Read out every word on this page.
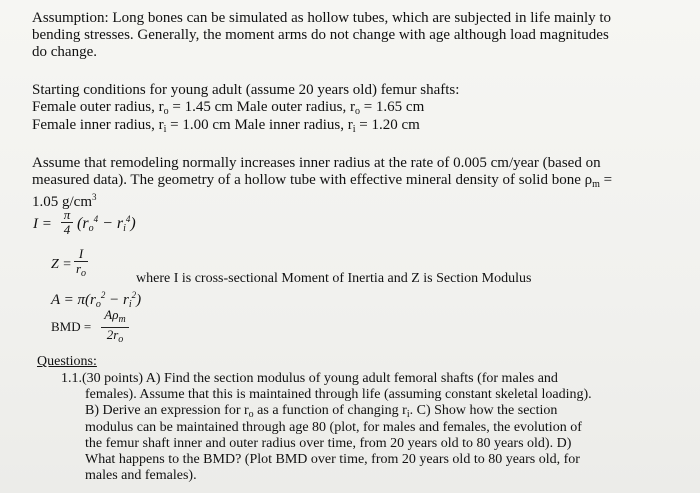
Assumption: Long bones can be simulated as hollow tubes, which are subjected in life mainly to
bending stresses. Generally, the moment arms do not change with age although load magnitudes
do change.
Starting conditions for young adult (assume 20 years old) femur shafts:
Female outer radius, $r_o = 1.45$ cm Male outer radius, $r_o = 1.65$ cm
Female inner radius, $r_i = 1.00$ cm Male inner radius, $r_i = 1.20$ cm
Assume that remodeling normally increases inner radius at the rate of 0.005 cm/year (based on
measured data). The geometry of a hollow tube with effective mineral density of solid bone $\rho_m$ =
1.05 $g/cm^3$
I =
π
4 $(r_o^4 - r_i^4)$
Z =
I
$r_o$	where I is cross-sectional Moment of Inertia and Z is Section Modulus
$A = \pi(r_o^2 - r_i^2)$
BMD =
$A\rho_m$
$2r_o$
Questions:
1.1.(30 points) A) Find the section modulus of young adult femoral shafts (for males and
females). Assume that this is maintained through life (assuming constant skeletal loading).
B) Derive an expression for $r_o$ as a function of changing $r_i$. C) Show how the section
modulus can be maintained through age 80 (plot, for males and females, the evolution of
the femur shaft inner and outer radius over time, from 20 years old to 80 years old). D)
What happens to the BMD? (Plot BMD over time, from 20 years old to 80 years old, for
males and females).
